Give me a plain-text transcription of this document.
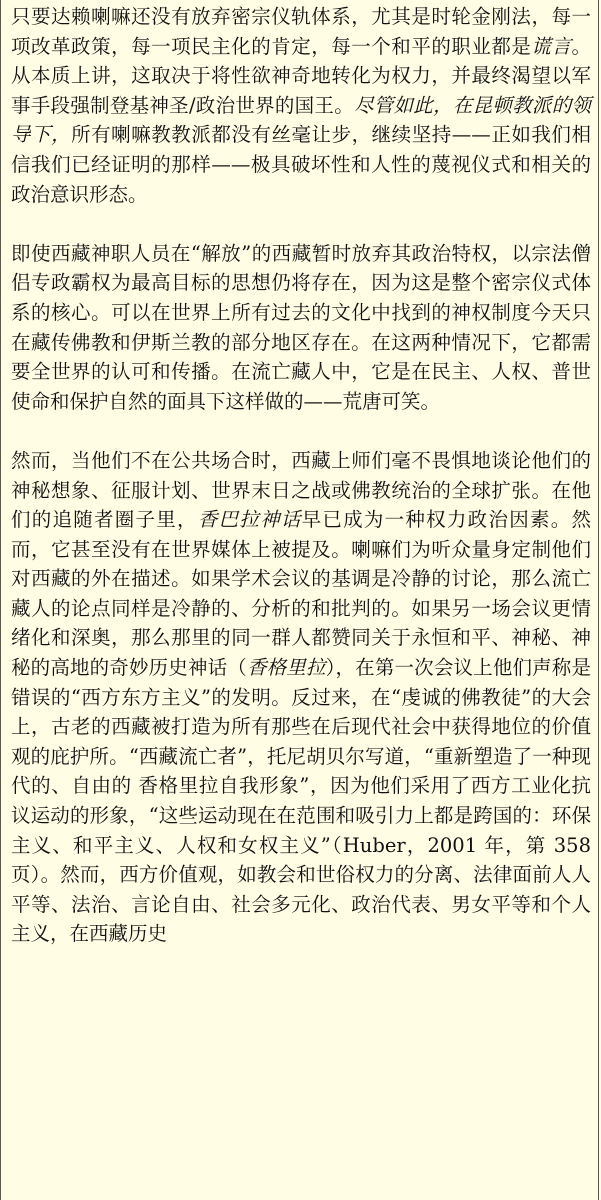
只要达赖喇嘛还没有放弃密宗仪轨体系，尤其是时轮金刚法，每一项改革政策，每一项民主化的肯定，每一个和平的职业都是谎言。从本质上讲，这取决于将性欲神奇地转化为权力，并最终渴望以军事手段强制登基神圣/政治世界的国王。尽管如此，在昆顿教派的领导下，所有喇嘛教教派都没有丝毫让步，继续坚持——正如我们相信我们已经证明的那样——极具破坏性和人性的蔑视仪式和相关的政治意识形态。

即使西藏神职人员在“解放”的西藏暂时放弃其政治特权，以宗法僧侣专政霸权为最高目标的思想仍将存在，因为这是整个密宗仪式体系的核心。可以在世界上所有过去的文化中找到的神权制度今天只在藏传佛教和伊斯兰教的部分地区存在。在这两种情况下，它都需要全世界的认可和传播。在流亡藏人中，它是在民主、人权、普世使命和保护自然的面具下这样做的——荒唐可笑。

然而，当他们不在公共场合时，西藏上师们毫不畏惧地谈论他们的神秘想象、征服计划、世界末日之战或佛教统治的全球扩张。在他们的追随者圈子里，香巴拉神话早已成为一种权力政治因素。然而，它甚至没有在世界媒体上被提及。喇嘛们为听众量身定制他们对西藏的外在描述。如果学术会议的基调是冷静的讨论，那么流亡藏人的论点同样是冷静的、分析的和批判的。如果另一场会议更情绪化和深奥，那么那里的同一群人都赞同关于永恒和平、神秘、神秘的高地的奇妙历史神话（香格里拉），在第一次会议上他们声称是错误的“西方东方主义”的发明。反过来，在“虔诚的佛教徒”的大会上，古老的西藏被打造为所有那些在后现代社会中获得地位的价值观的庇护所。“西藏流亡者”，托尼胡贝尔写道，“重新塑造了一种现代的、自由的 香格里拉自我形象”，因为他们采用了西方工业化抗议运动的形象，“这些运动现在在范围和吸引力上都是跨国的：环保主义、和平主义、人权和女权主义”（Huber，2001 年，第 358 页）。然而，西方价值观，如教会和世俗权力的分离、法律面前人人平等、法治、言论自由、社会多元化、政治代表、男女平等和个人主义，在西藏历史
